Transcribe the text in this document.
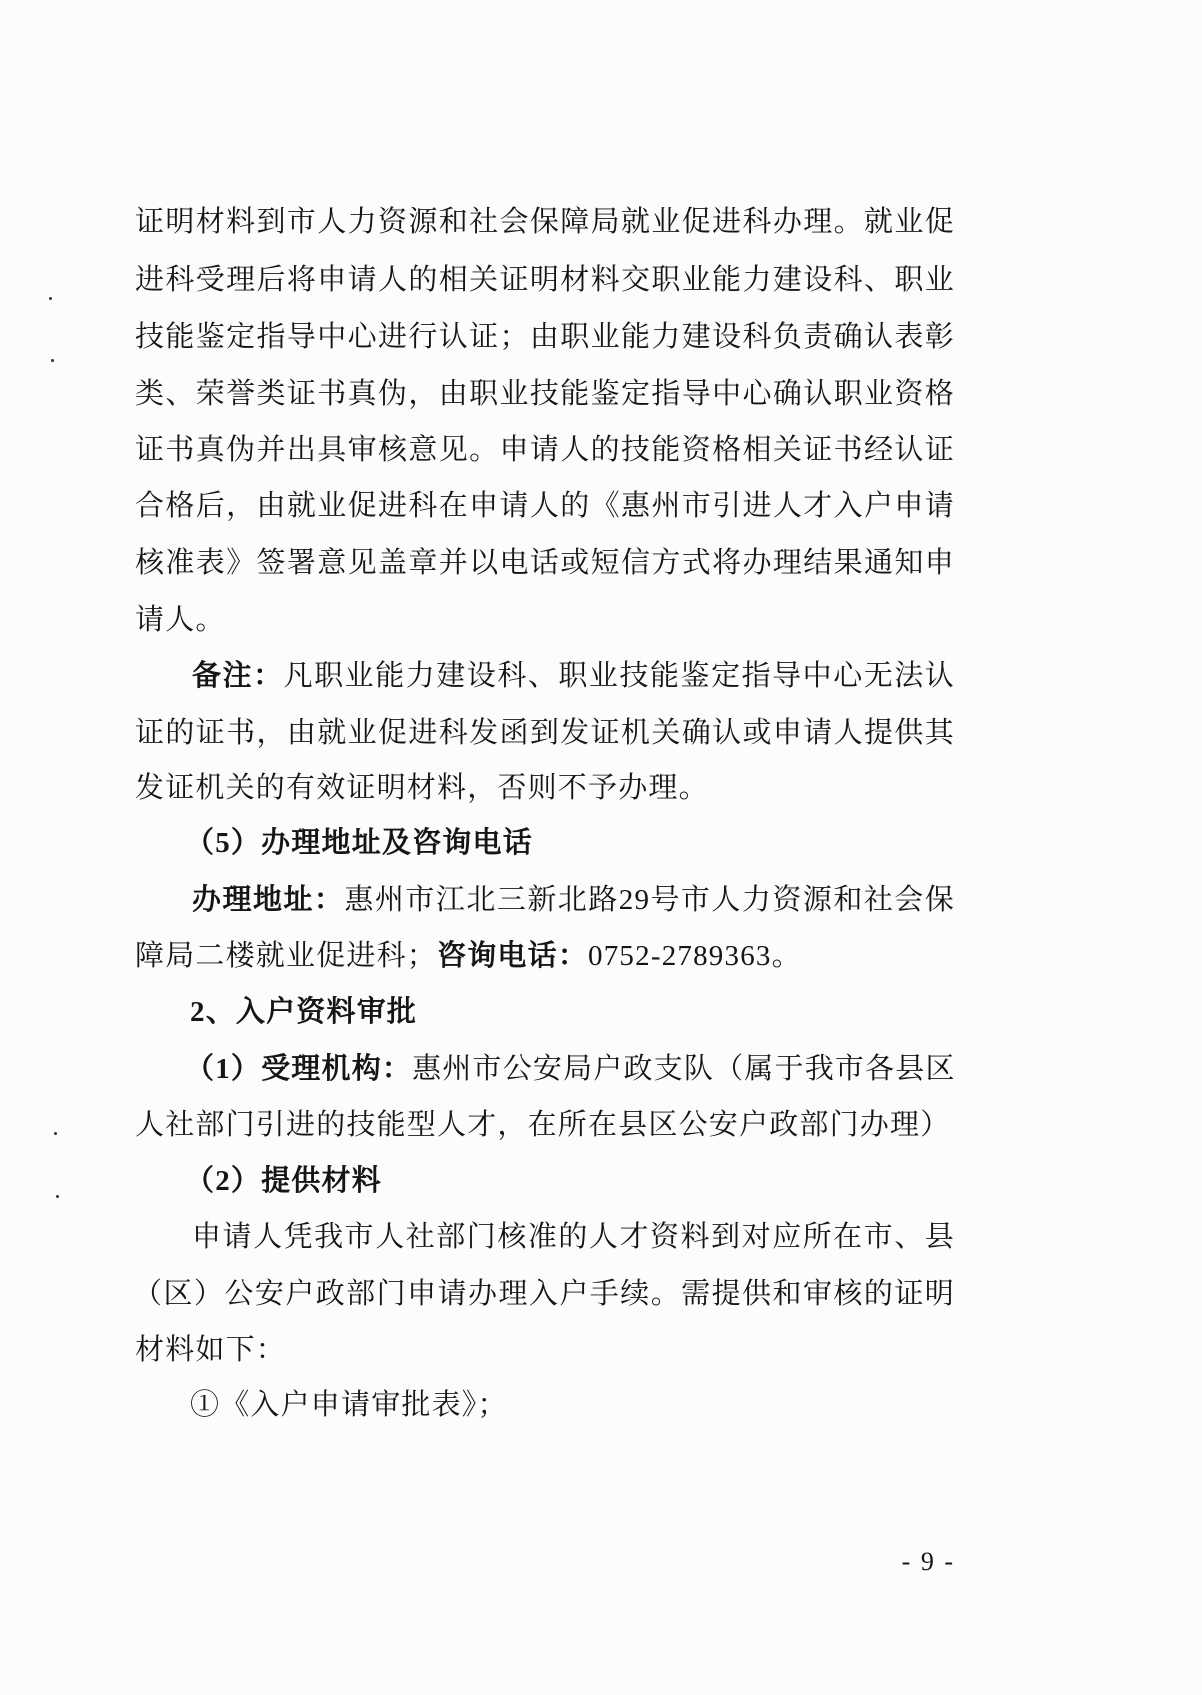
证明材料到市人力资源和社会保障局就业促进科办理。就业促
进科受理后将申请人的相关证明材料交职业能力建设科、职业
技能鉴定指导中心进行认证；由职业能力建设科负责确认表彰
类、荣誉类证书真伪，由职业技能鉴定指导中心确认职业资格
证书真伪并出具审核意见。申请人的技能资格相关证书经认证
合格后，由就业促进科在申请人的《惠州市引进人才入户申请
核准表》签署意见盖章并以电话或短信方式将办理结果通知申
请人。
备注：凡职业能力建设科、职业技能鉴定指导中心无法认
证的证书，由就业促进科发函到发证机关确认或申请人提供其
发证机关的有效证明材料，否则不予办理。
（5）办理地址及咨询电话
办理地址：惠州市江北三新北路29号市人力资源和社会保
障局二楼就业促进科；咨询电话：0752-2789363。
2、入户资料审批
（1）受理机构：惠州市公安局户政支队（属于我市各县区
人社部门引进的技能型人才，在所在县区公安户政部门办理）
（2）提供材料
申请人凭我市人社部门核准的人才资料到对应所在市、县
（区）公安户政部门申请办理入户手续。需提供和审核的证明
材料如下：
①《入户申请审批表》；
- 9 -
